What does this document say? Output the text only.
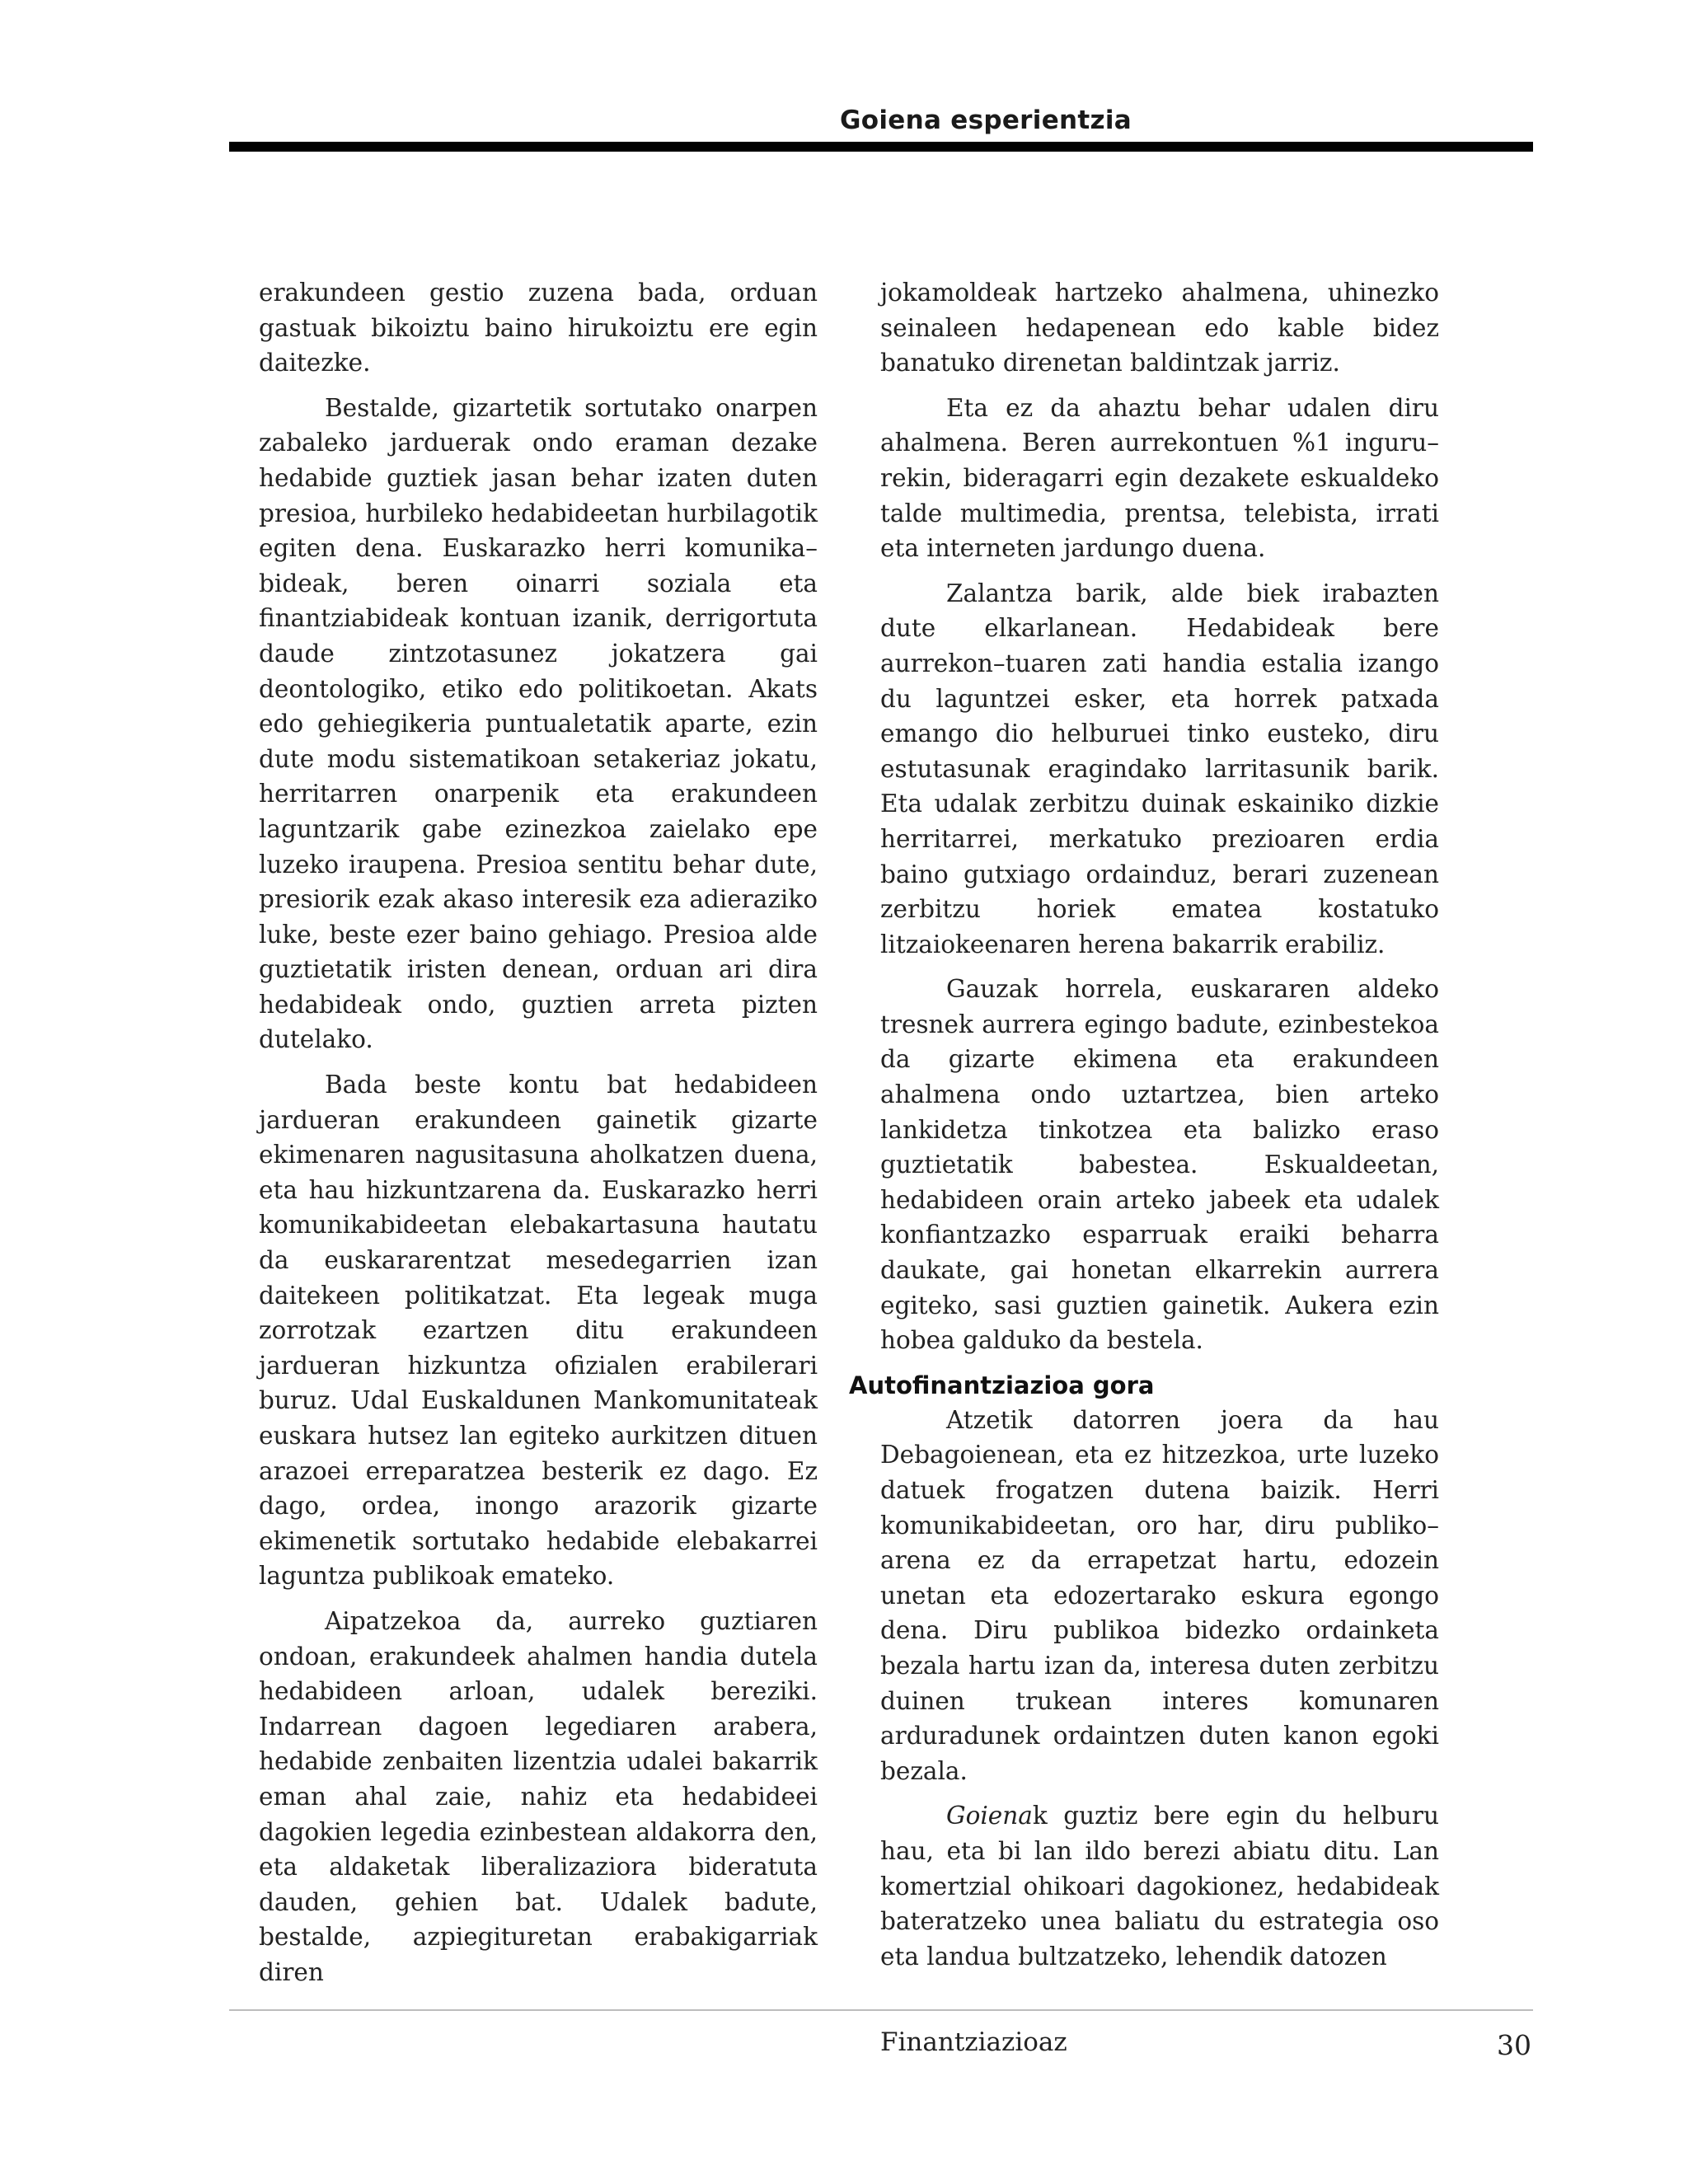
Goiena esperientzia

erakundeen gestio zuzena bada, orduan gastuak bikoiztu baino hirukoiztu ere egin daitezke.

Bestalde, gizartetik sortutako onarpen zabaleko jarduerak ondo eraman dezake hedabide guztiek jasan behar izaten duten presioa, hurbileko hedabideetan hurbilagotik egiten dena. Euskarazko herri komunika–bideak, beren oinarri soziala eta finantziabideak kontuan izanik, derrigortuta daude zintzotasunez jokatzera gai deontologiko, etiko edo politikoetan. Akats edo gehiegikeria puntualetatik aparte, ezin dute modu sistematikoan setakeriaz jokatu, herritarren onarpenik eta erakundeen laguntzarik gabe ezinezkoa zaielako epe luzeko iraupena. Presioa sentitu behar dute, presiorik ezak akaso interesik eza adieraziko luke, beste ezer baino gehiago. Presioa alde guztietatik iristen denean, orduan ari dira hedabideak ondo, guztien arreta pizten dutelako.

Bada beste kontu bat hedabideen jardueran erakundeen gainetik gizarte ekimenaren nagusitasuna aholkatzen duena, eta hau hizkuntzarena da. Euskarazko herri komunikabideetan elebakartasuna hautatu da euskararentzat mesedegarrien izan daitekeen politikatzat. Eta legeak muga zorrotzak ezartzen ditu erakundeen jardueran hizkuntza ofizialen erabilerari buruz. Udal Euskaldunen Mankomunitateak euskara hutsez lan egiteko aurkitzen dituen arazoei erreparatzea besterik ez dago. Ez dago, ordea, inongo arazorik gizarte ekimenetik sortutako hedabide elebakarrei laguntza publikoak emateko.

Aipatzekoa da, aurreko guztiaren ondoan, erakundeek ahalmen handia dutela hedabideen arloan, udalek bereziki. Indarrean dagoen legediaren arabera, hedabide zenbaiten lizentzia udalei bakarrik eman ahal zaie, nahiz eta hedabideei dagokien legedia ezinbestean aldakorra den, eta aldaketak liberalizaziora bideratuta dauden, gehien bat. Udalek badute, bestalde, azpiegituretan erabakigarriak diren

jokamoldeak hartzeko ahalmena, uhinezko seinaleen hedapenean edo kable bidez banatuko direnetan baldintzak jarriz.

Eta ez da ahaztu behar udalen diru ahalmena. Beren aurrekontuen %1 inguru–rekin, bideragarri egin dezakete eskualdeko talde multimedia, prentsa, telebista, irrati eta interneten jardungo duena.

Zalantza barik, alde biek irabazten dute elkarlanean. Hedabideak bere aurrekon–tuaren zati handia estalia izango du laguntzei esker, eta horrek patxada emango dio helburuei tinko eusteko, diru estutasunak eragindako larritasunik barik. Eta udalak zerbitzu duinak eskainiko dizkie herritarrei, merkatuko prezioaren erdia baino gutxiago ordainduz, berari zuzenean zerbitzu horiek ematea kostatuko litzaiokeenaren herena bakarrik erabiliz.

Gauzak horrela, euskararen aldeko tresnek aurrera egingo badute, ezinbestekoa da gizarte ekimena eta erakundeen ahalmena ondo uztartzea, bien arteko lankidetza tinkotzea eta balizko eraso guztietatik babestea. Eskualdeetan, hedabideen orain arteko jabeek eta udalek konfiantzazko esparruak eraiki beharra daukate, gai honetan elkarrekin aurrera egiteko, sasi guztien gainetik. Aukera ezin hobea galduko da bestela.

Autofinantziazioa gora

Atzetik datorren joera da hau Debagoienean, eta ez hitzezkoa, urte luzeko datuek frogatzen dutena baizik. Herri komunikabideetan, oro har, diru publiko–arena ez da errapetzat hartu, edozein unetan eta edozertarako eskura egongo dena. Diru publikoa bidezko ordainketa bezala hartu izan da, interesa duten zerbitzu duinen trukean interes komunaren arduradunek ordaintzen duten kanon egoki bezala.

Goienak guztiz bere egin du helburu hau, eta bi lan ildo berezi abiatu ditu. Lan komertzial ohikoari dagokionez, hedabideak bateratzeko unea baliatu du estrategia oso eta landua bultzatzeko, lehendik datozen

Finantziazioaz	30
